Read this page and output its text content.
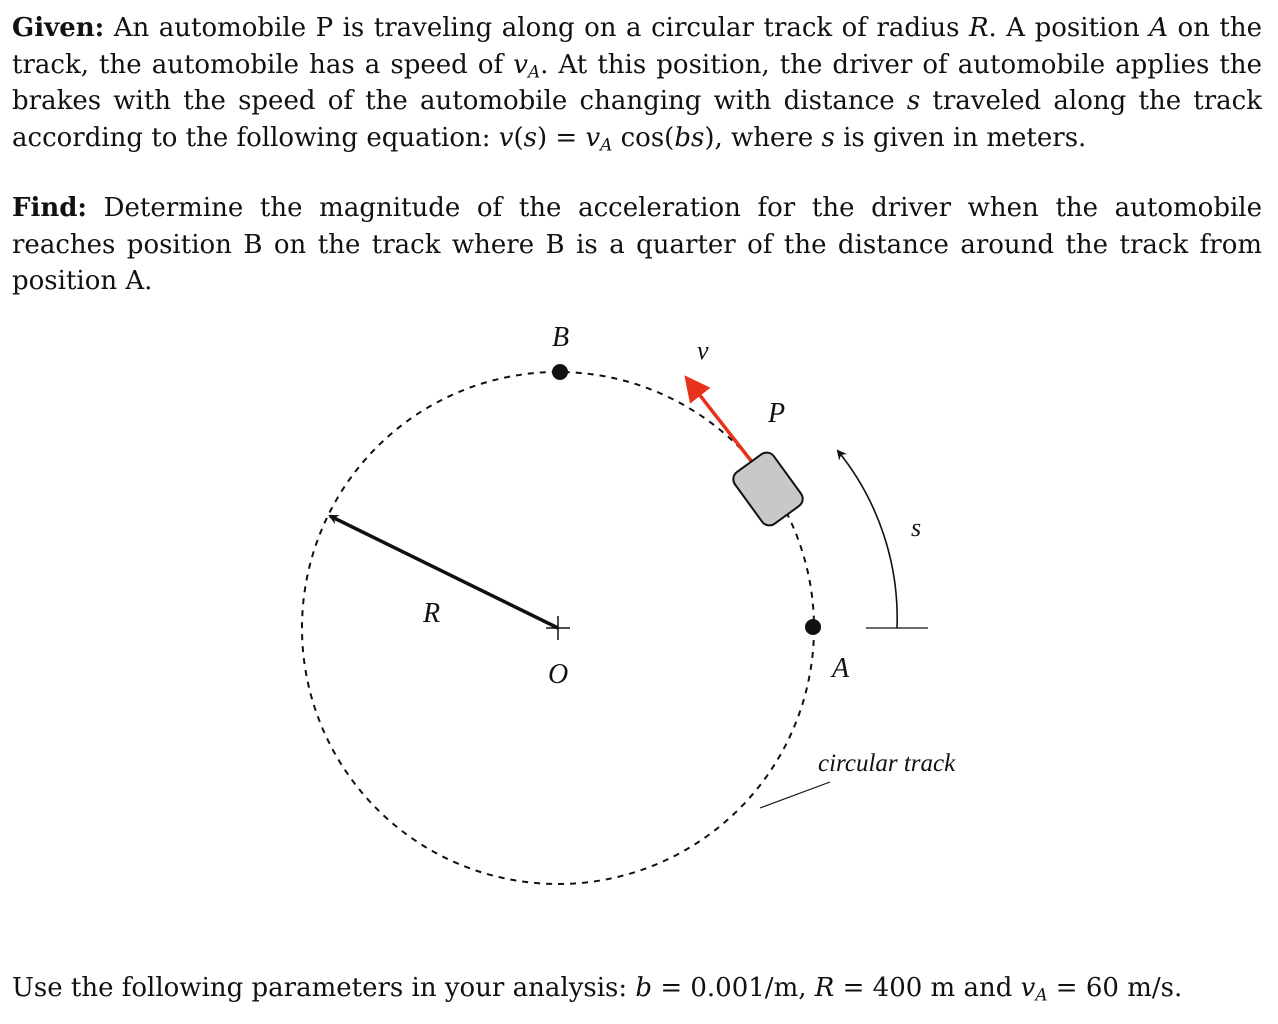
Given: An automobile P is traveling along on a circular track of radius R. A position A on the track, the automobile has a speed of $v_A$. At this position, the driver of automobile applies the brakes with the speed of the automobile changing with distance s traveled along the track according to the following equation: $v(s) = v_A$ cos(bs), where s is given in meters.

Find: Determine the magnitude of the acceleration for the driver when the automobile reaches position B on the track where B is a quarter of the distance around the track from position A.

B	v
P
s
R
O	A
circular track

Use the following parameters in your analysis: b = 0.001/m, R = 400 m and $v_A = 60$ m/s.
